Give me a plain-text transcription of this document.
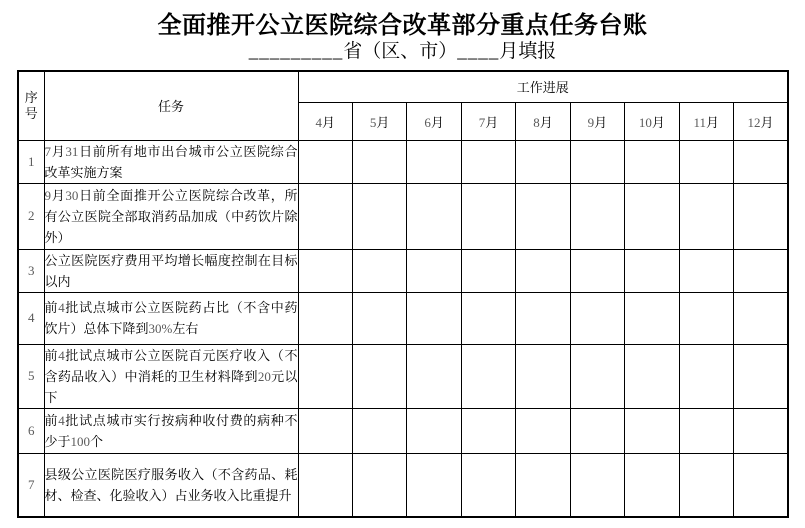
全面推开公立医院综合改革部分重点任务台账
_________省（区、市）____月填报
序号	任务	工作进展								
		4月	5月	6月	7月	8月	9月	10月	11月	12月
1	7月31日前所有地市出台城市公立医院综合改革实施方案									
2	9月30日前全面推开公立医院综合改革，所有公立医院全部取消药品加成（中药饮片除外）									
3	公立医院医疗费用平均增长幅度控制在目标以内									
4	前4批试点城市公立医院药占比（不含中药饮片）总体下降到30%左右									
5	前4批试点城市公立医院百元医疗收入（不含药品收入）中消耗的卫生材料降到20元以下									
6	前4批试点城市实行按病种收付费的病种不少于100个									
7	县级公立医院医疗服务收入（不含药品、耗材、检查、化验收入）占业务收入比重提升									
